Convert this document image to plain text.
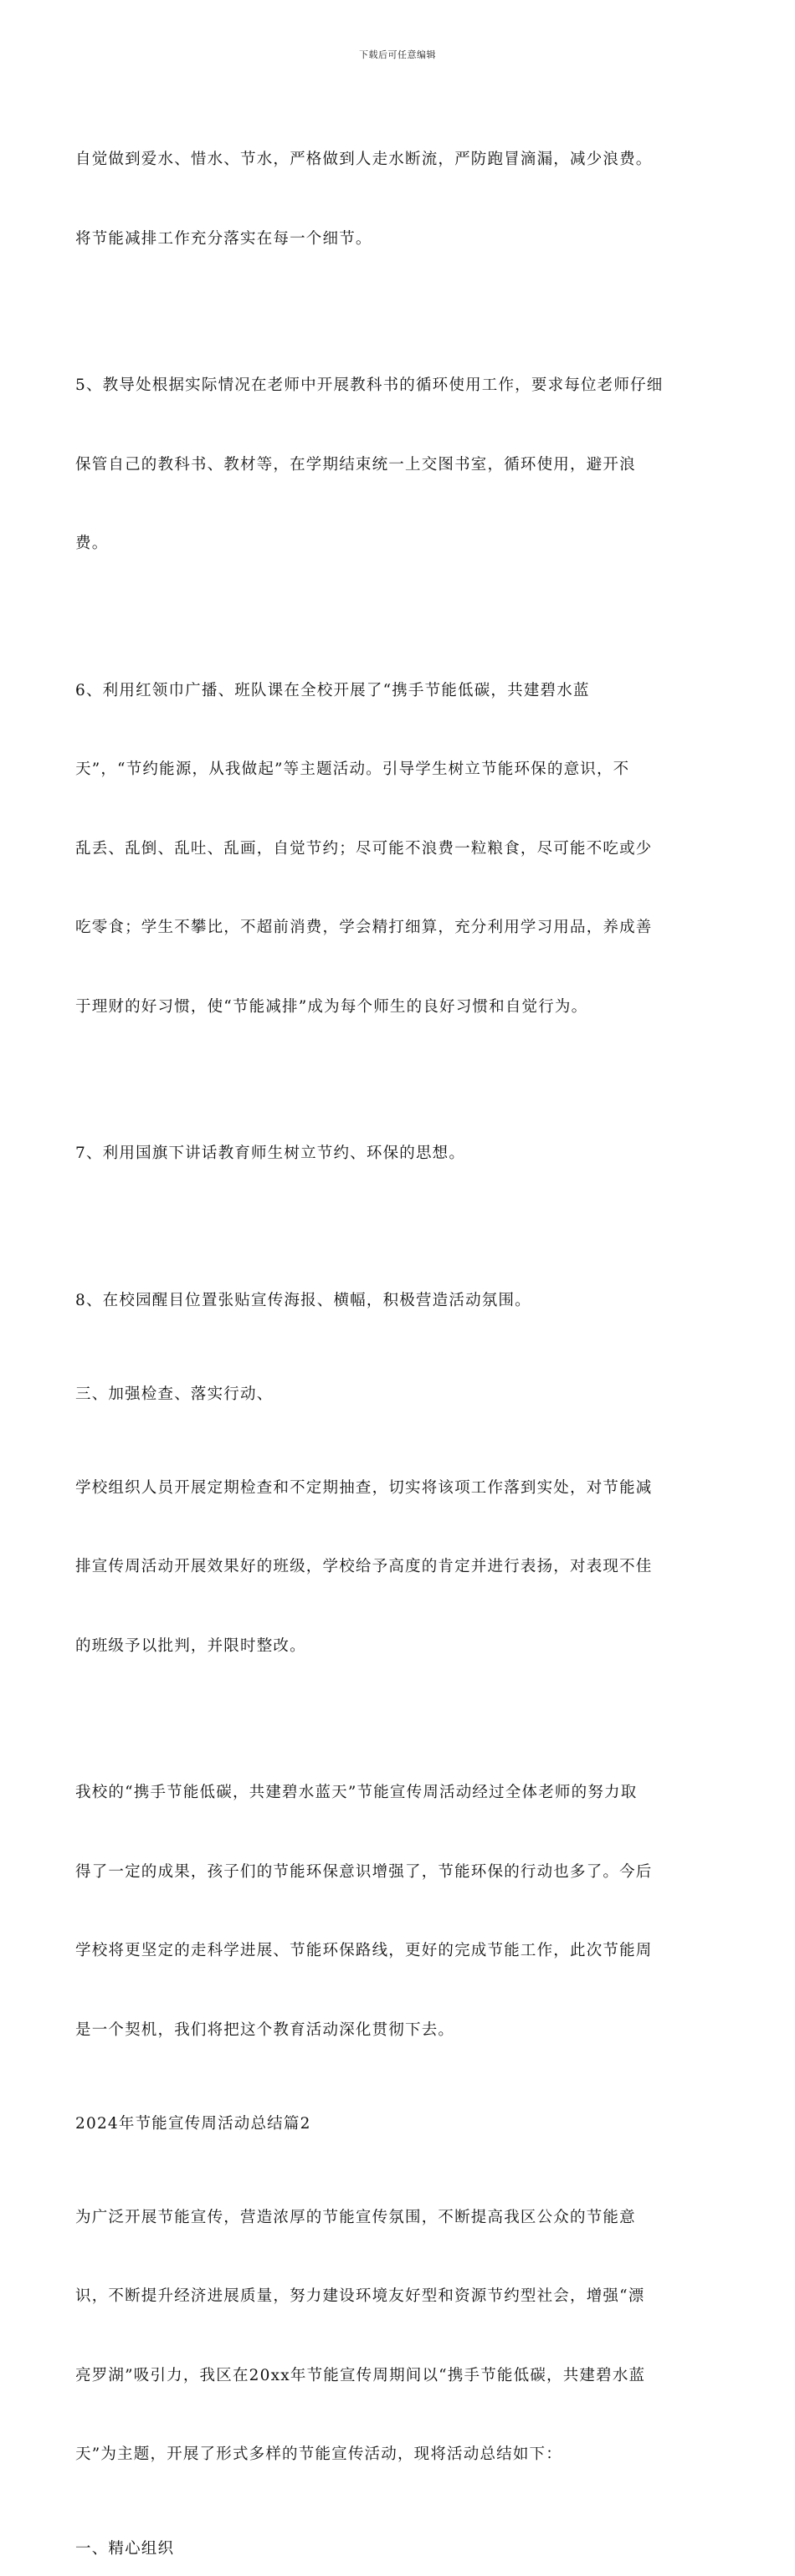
下载后可任意编辑

自觉做到爱水、惜水、节水，严格做到人走水断流，严防跑冒滴漏，减少浪费。

将节能减排工作充分落实在每一个细节。

5、教导处根据实际情况在老师中开展教科书的循环使用工作，要求每位老师仔细

保管自己的教科书、教材等，在学期结束统一上交图书室，循环使用，避开浪

费。

6、利用红领巾广播、班队课在全校开展了“携手节能低碳，共建碧水蓝

天”，“节约能源，从我做起”等主题活动。引导学生树立节能环保的意识，不

乱丢、乱倒、乱吐、乱画，自觉节约；尽可能不浪费一粒粮食，尽可能不吃或少

吃零食；学生不攀比，不超前消费，学会精打细算，充分利用学习用品，养成善

于理财的好习惯，使“节能减排”成为每个师生的良好习惯和自觉行为。

7、利用国旗下讲话教育师生树立节约、环保的思想。

8、在校园醒目位置张贴宣传海报、横幅，积极营造活动氛围。

三、加强检查、落实行动、

学校组织人员开展定期检查和不定期抽查，切实将该项工作落到实处，对节能减

排宣传周活动开展效果好的班级，学校给予高度的肯定并进行表扬，对表现不佳

的班级予以批判，并限时整改。

我校的“携手节能低碳，共建碧水蓝天”节能宣传周活动经过全体老师的努力取

得了一定的成果，孩子们的节能环保意识增强了，节能环保的行动也多了。今后

学校将更坚定的走科学进展、节能环保路线，更好的完成节能工作，此次节能周

是一个契机，我们将把这个教育活动深化贯彻下去。

2024年节能宣传周活动总结篇2

为广泛开展节能宣传，营造浓厚的节能宣传氛围，不断提高我区公众的节能意

识，不断提升经济进展质量，努力建设环境友好型和资源节约型社会，增强“漂

亮罗湖”吸引力，我区在20xx年节能宣传周期间以“携手节能低碳，共建碧水蓝

天”为主题，开展了形式多样的节能宣传活动，现将活动总结如下：

一、精心组织
